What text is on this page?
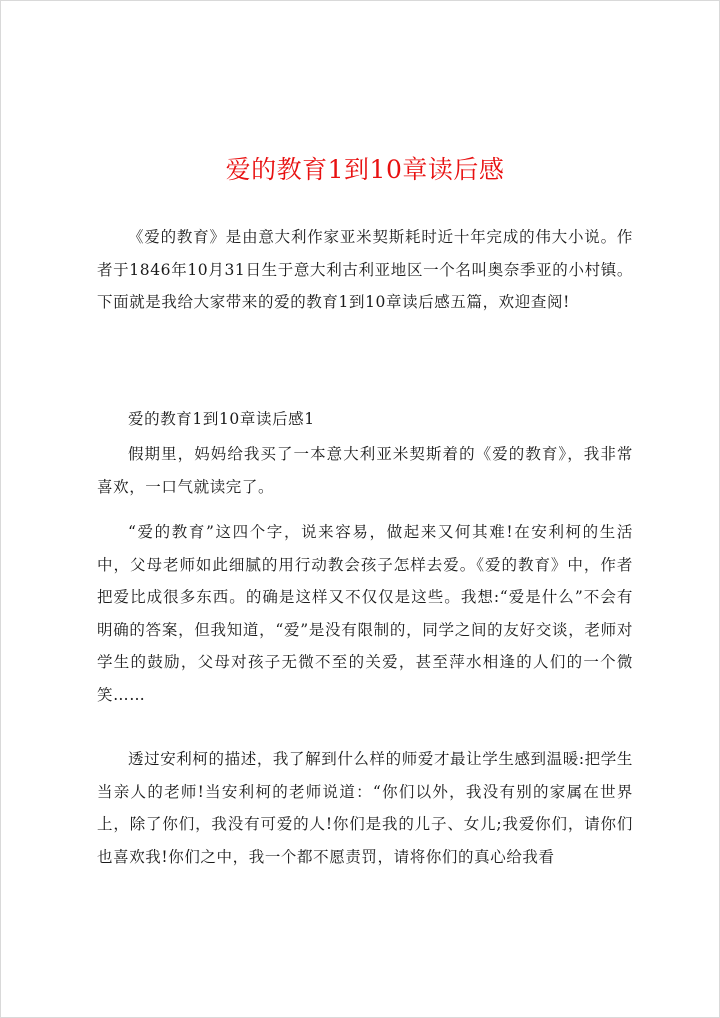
爱的教育1到10章读后感

《爱的教育》是由意大利作家亚米契斯耗时近十年完成的伟大小说。作者于1846年10月31日生于意大利古利亚地区一个名叫奥奈季亚的小村镇。下面就是我给大家带来的爱的教育1到10章读后感五篇，欢迎查阅!

爱的教育1到10章读后感1

假期里，妈妈给我买了一本意大利亚米契斯着的《爱的教育》，我非常喜欢，一口气就读完了。

“爱的教育”这四个字，说来容易，做起来又何其难!在安利柯的生活中，父母老师如此细腻的用行动教会孩子怎样去爱。《爱的教育》中，作者把爱比成很多东西。的确是这样又不仅仅是这些。我想:“爱是什么”不会有明确的答案，但我知道，“爱”是没有限制的，同学之间的友好交谈，老师对学生的鼓励，父母对孩子无微不至的关爱，甚至萍水相逢的人们的一个微笑……

透过安利柯的描述，我了解到什么样的师爱才最让学生感到温暖:把学生当亲人的老师!当安利柯的老师说道：“你们以外，我没有别的家属在世界上，除了你们，我没有可爱的人!你们是我的儿子、女儿;我爱你们，请你们也喜欢我!你们之中，我一个都不愿责罚，请将你们的真心给我看
